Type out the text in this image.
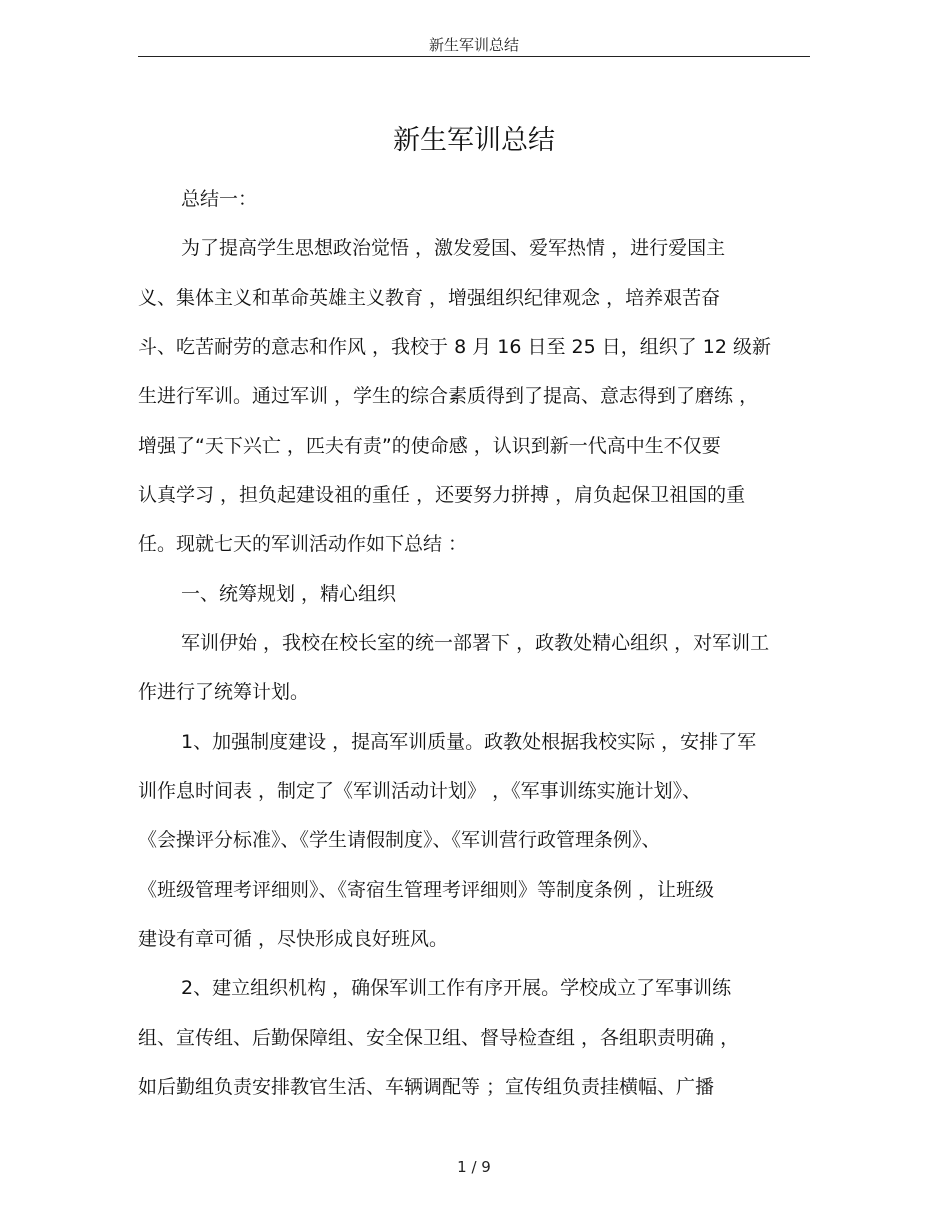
新生军训总结
新生军训总结
总结一：
为了提高学生思想政治觉悟 ，激发爱国、爱军热情 ，进行爱国主
义、集体主义和革命英雄主义教育 ，增强组织纪律观念 ，培养艰苦奋
斗、吃苦耐劳的意志和作风 ，我校于 8 月 16 日至 25 日，组织了 12 级新
生进行军训。通过军训 ，学生的综合素质得到了提高、意志得到了磨练 ，
增强了“天下兴亡 ，匹夫有责”的使命感 ，认识到新一代高中生不仅要
认真学习 ，担负起建设祖的重任 ，还要努力拼搏 ，肩负起保卫祖国的重
任。现就七天的军训活动作如下总结 ：
一、统筹规划 ，精心组织
军训伊始 ，我校在校长室的统一部署下 ，政教处精心组织 ，对军训工
作进行了统筹计划。
1、加强制度建设 ，提高军训质量。政教处根据我校实际 ，安排了军
训作息时间表 ，制定了《军训活动计划》 ，《军事训练实施计划》、
《会操评分标准》、《学生请假制度》、《军训营行政管理条例》、
《班级管理考评细则》、《寄宿生管理考评细则》等制度条例 ，让班级
建设有章可循 ，尽快形成良好班风。
2、建立组织机构 ，确保军训工作有序开展。学校成立了军事训练
组、宣传组、后勤保障组、安全保卫组、督导检查组 ，各组职责明确 ，
如后勤组负责安排教官生活、车辆调配等 ；宣传组负责挂横幅、广播
1 / 9
